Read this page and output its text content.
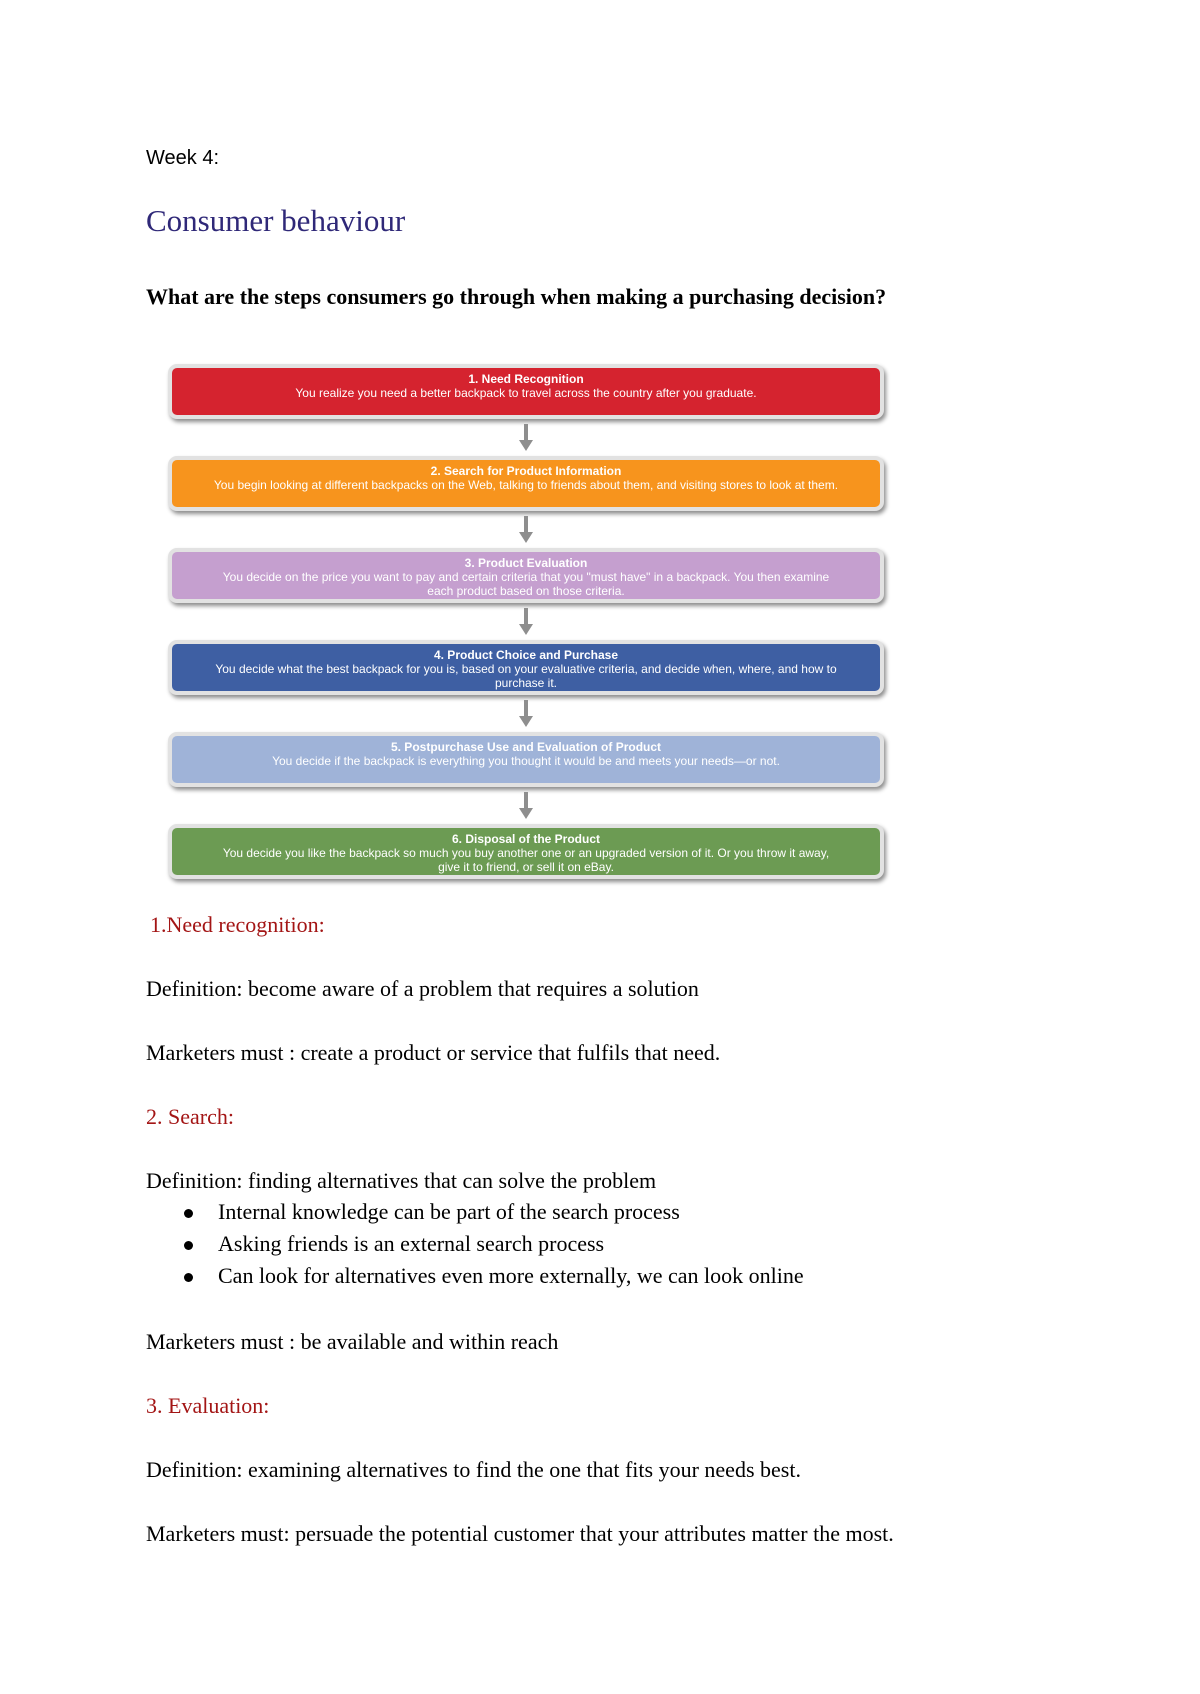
Week 4:
Consumer behaviour
What are the steps consumers go through when making a purchasing decision?
1. Need Recognition
You realize you need a better backpack to travel across the country after you graduate.
2. Search for Product Information
You begin looking at different backpacks on the Web, talking to friends about them, and visiting stores to look at them.
3. Product Evaluation
You decide on the price you want to pay and certain criteria that you "must have" in a backpack. You then examine each product based on those criteria.
4. Product Choice and Purchase
You decide what the best backpack for you is, based on your evaluative criteria, and decide when, where, and how to purchase it.
5. Postpurchase Use and Evaluation of Product
You decide if the backpack is everything you thought it would be and meets your needs—or not.
6. Disposal of the Product
You decide you like the backpack so much you buy another one or an upgraded version of it. Or you throw it away, give it to friend, or sell it on eBay.
1.Need recognition:
Definition: become aware of a problem that requires a solution
Marketers must : create a product or service that fulfils that need.
2. Search:
Definition: finding alternatives that can solve the problem
Internal knowledge can be part of the search process
Asking friends is an external search process
Can look for alternatives even more externally, we can look online
Marketers must : be available and within reach
3. Evaluation:
Definition: examining alternatives to find the one that fits your needs best.
Marketers must: persuade the potential customer that your attributes matter the most.
